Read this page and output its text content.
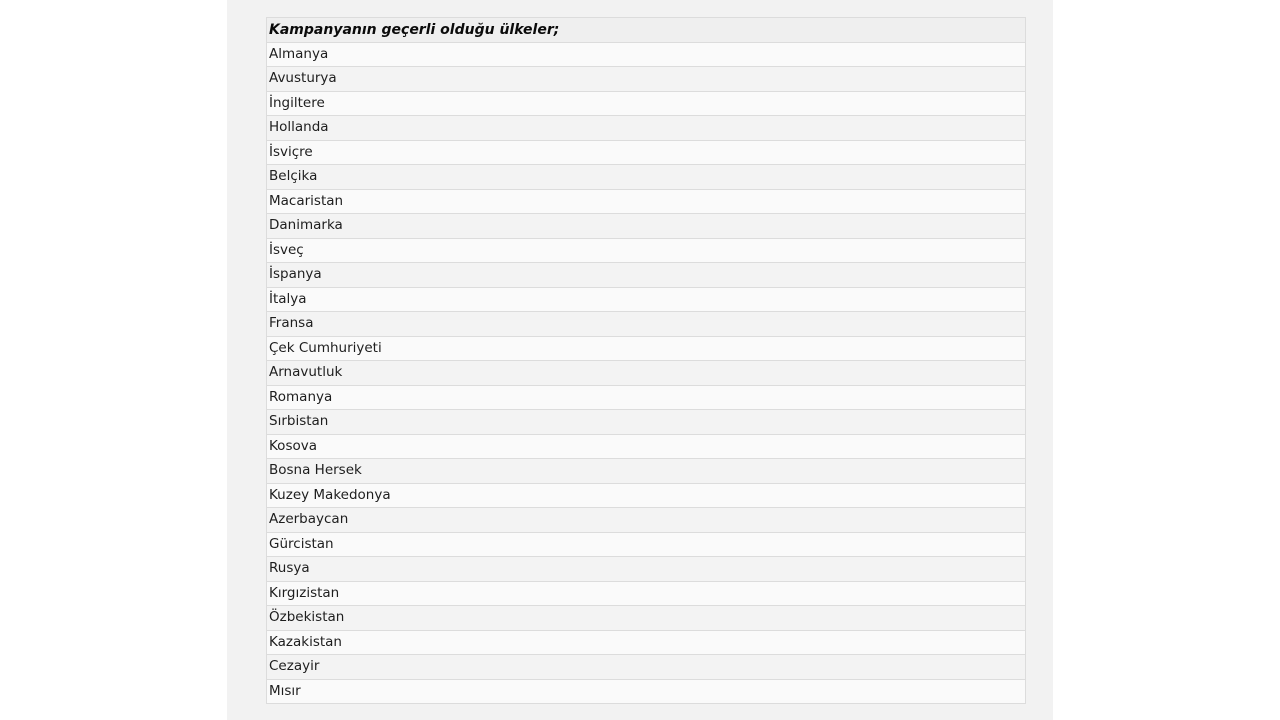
Kampanyanın geçerli olduğu ülkeler;
Almanya
Avusturya
İngiltere
Hollanda
İsviçre
Belçika
Macaristan
Danimarka
İsveç
İspanya
İtalya
Fransa
Çek Cumhuriyeti
Arnavutluk
Romanya
Sırbistan
Kosova
Bosna Hersek
Kuzey Makedonya
Azerbaycan
Gürcistan
Rusya
Kırgızistan
Özbekistan
Kazakistan
Cezayir
Mısır
